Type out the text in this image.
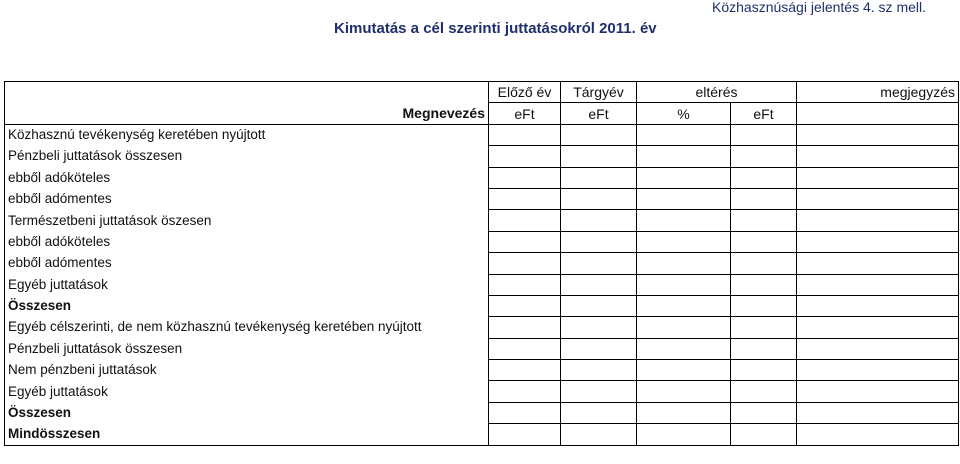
Közhasznúsági jelentés 4. sz mell.
Kimutatás a cél szerinti juttatásokról 2011. év
	Előző év	Tárgyév	eltérés		megjegyzés
Megnevezés	eFt	eFt	%	eFt	
Közhasznú tevékenység keretében nyújtott					
Pénzbeli juttatások összesen					
ebből adóköteles					
ebből adómentes					
Természetbeni juttatások öszesen					
ebből adóköteles					
ebből adómentes					
Egyéb juttatások					
Összesen					
Egyéb célszerinti, de nem közhasznú tevékenység keretében nyújtott					
Pénzbeli juttatások összesen					
Nem pénzbeni juttatások					
Egyéb juttatások					
Összesen					
Mindösszesen					
